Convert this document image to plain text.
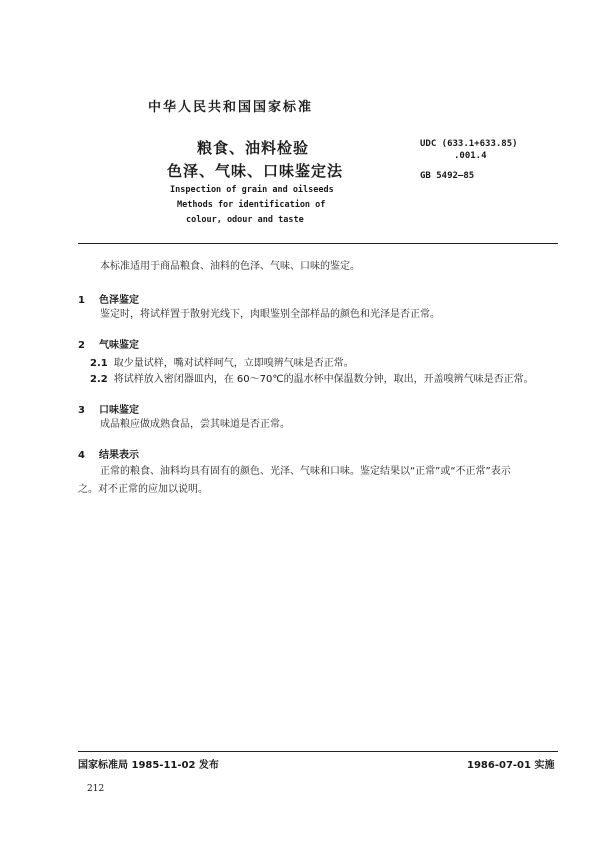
中华人民共和国国家标准
粮食、油料检验
色泽、气味、口味鉴定法
Inspection of grain and oilseeds
Methods for identification of
colour, odour and taste
UDC (633.1+633.85)
.001.4
GB 5492—85
本标准适用于商品粮食、油料的色泽、气味、口味的鉴定。
1 色泽鉴定
鉴定时，将试样置于散射光线下，肉眼鉴别全部样品的颜色和光泽是否正常。
2 气味鉴定
2.1 取少量试样，嘴对试样呵气，立即嗅辨气味是否正常。
2.2 将试样放入密闭器皿内，在 60～70℃的温水杯中保温数分钟，取出，开盖嗅辨气味是否正常。
3 口味鉴定
成品粮应做成熟食品，尝其味道是否正常。
4 结果表示
正常的粮食、油料均具有固有的颜色、光泽、气味和口味。鉴定结果以“正常”或“不正常”表示
之。对不正常的应加以说明。
国家标准局 1985-11-02 发布	1986-07-01 实施
212
